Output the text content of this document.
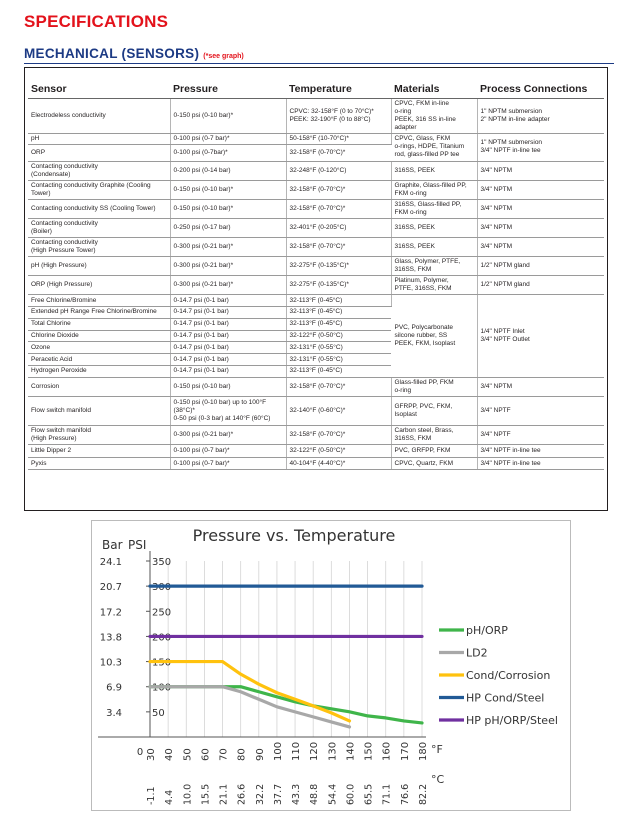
SPECIFICATIONS
MECHANICAL (SENSORS) (*see graph)
Sensor	Pressure	Temperature	Materials	Process Connections

Electrodeless conductivity	0-150 psi (0-10 bar)*	CPVC: 32-158°F (0 to 70°C)*
PEEK: 32-190°F (0 to 88°C)	CPVC, FKM in-line
o-ring
PEEK, 316 SS in-line
adapter	1" NPTM submersion
2" NPTM in-line adapter

pH	0-100 psi (0-7 bar)*	50-158°F (10-70°C)*	CPVC, Glass, FKM
o-rings, HDPE, Titanium
rod, glass-filled PP tee	1" NPTM submersion
3/4" NPTF in-line tee

ORP	0-100 psi (0-7bar)*	32-158°F (0-70°C)*		

Contacting conductivity
(Condensate)	0-200 psi (0-14 bar)	32-248°F (0-120°C)	316SS, PEEK	3/4" NPTM

Contacting conductivity Graphite (Cooling
Tower)	0-150 psi (0-10 bar)*	32-158°F (0-70°C)*	Graphite, Glass-filled PP,
FKM o-ring	3/4" NPTM

Contacting conductivity SS (Cooling Tower)	0-150 psi (0-10 bar)*	32-158°F (0-70°C)*	316SS, Glass-filled PP,
FKM o-ring	3/4" NPTM

Contacting conductivity
(Boiler)	0-250 psi (0-17 bar)	32-401°F (0-205°C)	316SS, PEEK	3/4" NPTM

Contacting conductivity
(High Pressure Tower)	0-300 psi (0-21 bar)*	32-158°F (0-70°C)*	316SS, PEEK	3/4" NPTM

pH (High Pressure)	0-300 psi (0-21 bar)*	32-275°F (0-135°C)*	Glass, Polymer, PTFE,
316SS, FKM	1/2" NPTM gland

ORP (High Pressure)	0-300 psi (0-21 bar)*	32-275°F (0-135°C)*	Platinum, Polymer,
PTFE, 316SS, FKM	1/2" NPTM gland

Free Chlorine/Bromine	0-14.7 psi (0-1 bar)	32-113°F (0-45°C)	PVC, Polycarbonate
silcone rubber, SS
PEEK, FKM, Isoplast	1/4" NPTF Inlet
3/4" NPTF Outlet

Extended pH Range Free Chlorine/Bromine	0-14.7 psi (0-1 bar)	32-113°F (0-45°C)		

Total Chlorine	0-14.7 psi (0-1 bar)	32-113°F (0-45°C)		

Chlorine Dioxide	0-14.7 psi (0-1 bar)	32-122°F (0-50°C)		

Ozone	0-14.7 psi (0-1 bar)	32-131°F (0-55°C)		

Peracetic Acid	0-14.7 psi (0-1 bar)	32-131°F (0-55°C)		

Hydrogen Peroxide	0-14.7 psi (0-1 bar)	32-113°F (0-45°C)		

Corrosion	0-150 psi (0-10 bar)	32-158°F (0-70°C)*	Glass-filled PP, FKM
o-ring	3/4" NPTM

Flow switch manifold	0-150 psi (0-10 bar) up to 100°F
(38°C)*
0-50 psi (0-3 bar) at 140°F (60°C)	32-140°F (0-60°C)*	GFRPP, PVC, FKM,
Isoplast	3/4" NPTF

Flow switch manifold
(High Pressure)	0-300 psi (0-21 bar)*	32-158°F (0-70°C)*	Carbon steel, Brass,
316SS, FKM	3/4" NPTF

Little Dipper 2	0-100 psi (0-7 bar)*	32-122°F (0-50°C)*	PVC, GRFPP, FKM	3/4" NPTF in-line tee

Pyxis	0-100 psi (0-7 bar)*	40-104°F (4-40°C)*	CPVC, Quartz, FKM	3/4" NPTF in-line tee
Pressure vs. Temperature
Bar PSI
°F
°C
0
50
100
150
200
250
300
350
3.4
6.9
10.3
13.8
17.2
20.7
24.1
30
-1.1
40
4.4
50
10.0
60
15.5
70
21.1
80
26.6
90
32.2
100
37.7
110
43.3
120
48.8
130
54.4
140
60.0
150
65.5
160
71.1
170
76.6
180
82.2
pH/ORP
LD2
Cond/Corrosion
HP Cond/Steel
HP pH/ORP/Steel
